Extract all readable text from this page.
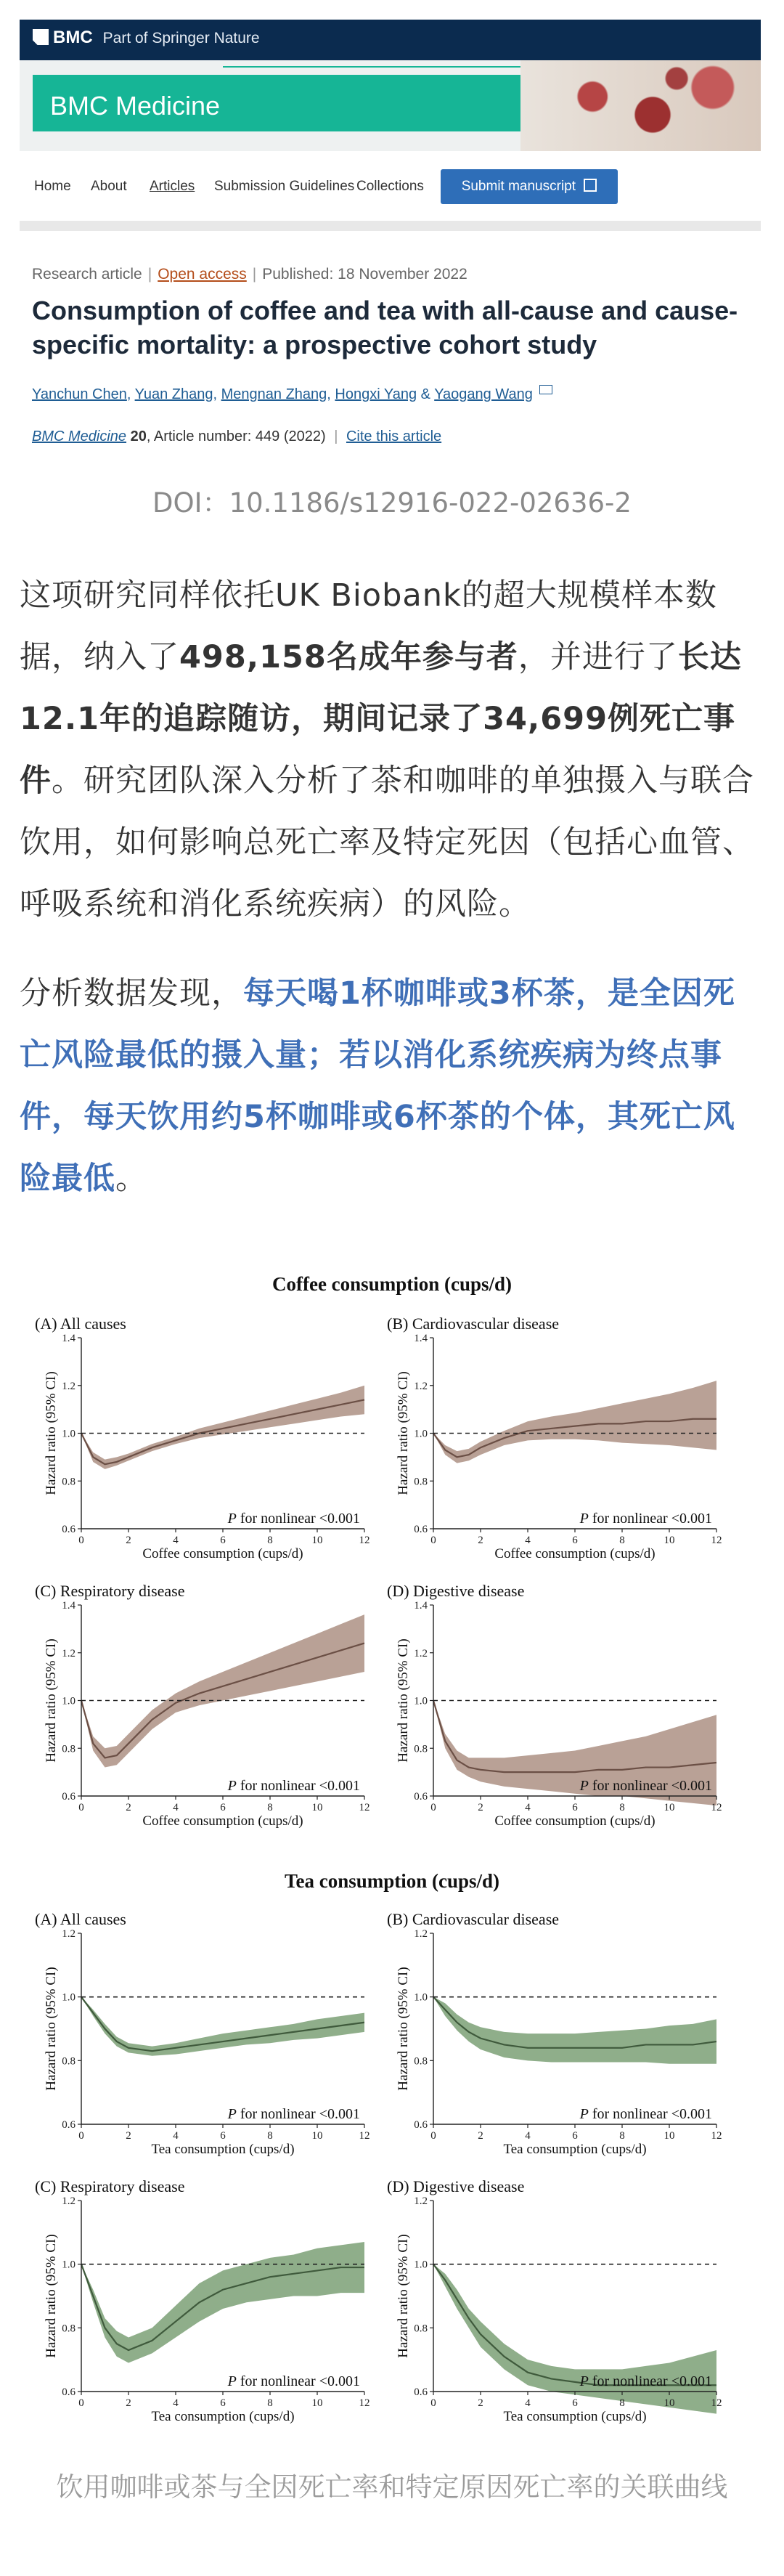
BMC Part of Springer Nature
BMC Medicine
Home About Articles Submission Guidelines Collections	Submit manuscript
Research article | Open access | Published: 18 November 2022
Consumption of coffee and tea with all-cause and cause-specific mortality: a prospective cohort study
Yanchun Chen, Yuan Zhang, Mengnan Zhang, Hongxi Yang & Yaogang Wang
BMC Medicine 20, Article number: 449 (2022) | Cite this article
DOI：10.1186/s12916-022-02636-2

这项研究同样依托UK Biobank的超大规模样本数据，纳入了498,158名成年参与者，并进行了长达12.1年的追踪随访，期间记录了34,699例死亡事件。研究团队深入分析了茶和咖啡的单独摄入与联合饮用，如何影响总死亡率及特定死因（包括心血管、呼吸系统和消化系统疾病）的风险。

分析数据发现，每天喝1杯咖啡或3杯茶，是全因死亡风险最低的摄入量；若以消化系统疾病为终点事件，每天饮用约5杯咖啡或6杯茶的个体，其死亡风险最低。

Coffee consumption (cups/d)
(A) All causes
0.6
0.8
1.0
1.2
1.4
0	2	4	6	8	10	12
Coffee consumption (cups/d)
Hazard ratio (95% CI)
P for nonlinear <0.001
(B) Cardiovascular disease
0.6
0.8
1.0
1.2
1.4
0	2	4	6	8	10	12
Coffee consumption (cups/d)
Hazard ratio (95% CI)
P for nonlinear <0.001
(C) Respiratory disease
0.6
0.8
1.0
1.2
1.4
0	2	4	6	8	10	12
Coffee consumption (cups/d)
Hazard ratio (95% CI)
P for nonlinear <0.001
(D) Digestive disease
0.6
0.8
1.0
1.2
1.4
0	2	4	6	8	10	12
Coffee consumption (cups/d)
Hazard ratio (95% CI)
P for nonlinear <0.001
Tea consumption (cups/d)
(A) All causes
0.6
0.8
1.0
1.2
0	2	4	6	8	10	12
Tea consumption (cups/d)
Hazard ratio (95% CI)
P for nonlinear <0.001
(B) Cardiovascular disease
0.6
0.8
1.0
1.2
0	2	4	6	8	10	12
Tea consumption (cups/d)
Hazard ratio (95% CI)
P for nonlinear <0.001
(C) Respiratory disease
0.6
0.8
1.0
1.2
0	2	4	6	8	10	12
Tea consumption (cups/d)
Hazard ratio (95% CI)
P for nonlinear <0.001
(D) Digestive disease
0.6
0.8
1.0
1.2
0	2	4	6	8	10	12
Tea consumption (cups/d)
Hazard ratio (95% CI)
P for nonlinear <0.001
饮用咖啡或茶与全因死亡率和特定原因死亡率的关联曲线
